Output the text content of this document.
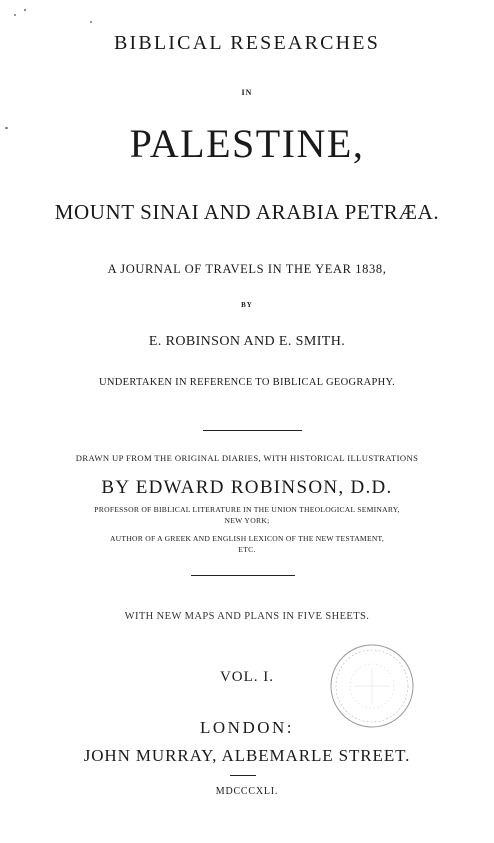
BIBLICAL RESEARCHES
IN
PALESTINE,
MOUNT SINAI AND ARABIA PETRÆA.
A JOURNAL OF TRAVELS IN THE YEAR 1838,
BY
E. ROBINSON AND E. SMITH.
UNDERTAKEN IN REFERENCE TO BIBLICAL GEOGRAPHY.
DRAWN UP FROM THE ORIGINAL DIARIES, WITH HISTORICAL ILLUSTRATIONS
BY EDWARD ROBINSON, D.D.
PROFESSOR OF BIBLICAL LITERATURE IN THE UNION THEOLOGICAL SEMINARY,
NEW YORK;
AUTHOR OF A GREEK AND ENGLISH LEXICON OF THE NEW TESTAMENT,
ETC.
WITH NEW MAPS AND PLANS IN FIVE SHEETS.
VOL. I.
LONDON:
JOHN MURRAY, ALBEMARLE STREET.
MDCCCXLI.
